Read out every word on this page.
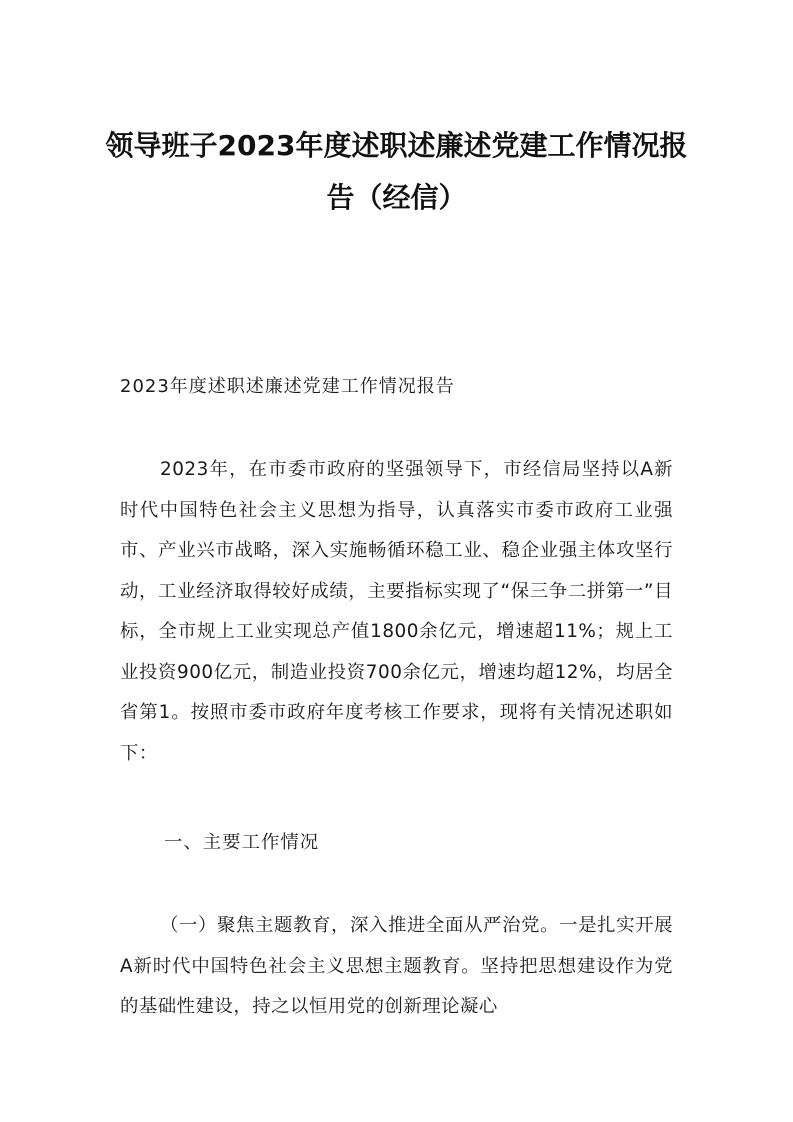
领导班子2023年度述职述廉述党建工作情况报告（经信）

2023年度述职述廉述党建工作情况报告

2023年，在市委市政府的坚强领导下，市经信局坚持以A新时代中国特色社会主义思想为指导，认真落实市委市政府工业强市、产业兴市战略，深入实施畅循环稳工业、稳企业强主体攻坚行动，工业经济取得较好成绩，主要指标实现了“保三争二拼第一”目标，全市规上工业实现总产值1800余亿元，增速超11%；规上工业投资900亿元，制造业投资700余亿元，增速均超12%，均居全省第1。按照市委市政府年度考核工作要求，现将有关情况述职如下：

一、主要工作情况

（一）聚焦主题教育，深入推进全面从严治党。一是扎实开展A新时代中国特色社会主义思想主题教育。坚持把思想建设作为党的基础性建设，持之以恒用党的创新理论凝心
